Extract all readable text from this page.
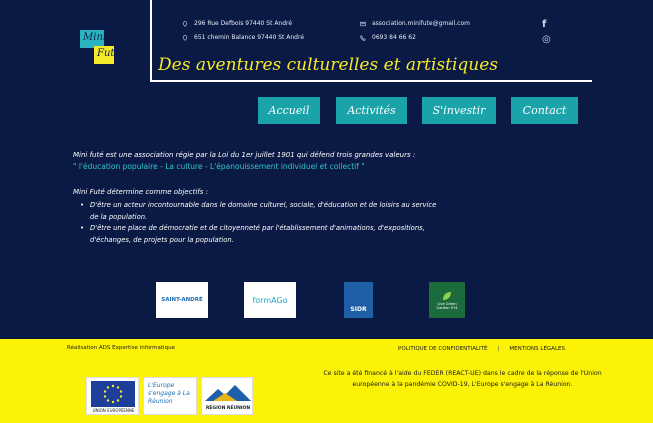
Mini
Futé
296 Rue Defbois 97440 St André
651 chemin Balance 97440 St André
association.minifute@gmail.com
0693 84 66 62
Des aventures culturelles et artistiques
f
◎
Accueil	Activités	S'investir	Contact
Mini futé est une association régie par la Loi du 1er juillet 1901 qui défend trois grandes valeurs :
" l'éducation populaire - La culture - L'épanouissement individuel et collectif "
Mini Futé détermine comme objectifs :
• D'être un acteur incontournable dans le domaine culturel, sociale, d'éducation et de loisirs au service de la population.
• D'être une place de démocratie et de citoyenneté par l'établissement d'animations, d'expositions, d'échanges, de projets pour la population.
SAINT-ANDRÉ	formAGo
SIDR
Live Green Garden 974
Réalisation ADS Expertise informatique	POLITIQUE DE CONFIDENTIALITÉ | MENTIONS LÉGALES
Ce site a été financé à l'aide du FEDER (REACT-UE) dans le cadre de la réponse de l'Union européenne à la pandémie COVID-19, L'Europe s'engage à La Réunion.
UNION EUROPÉENNE
L'Europe s'engage à La Réunion
RÉGION RÉUNION
